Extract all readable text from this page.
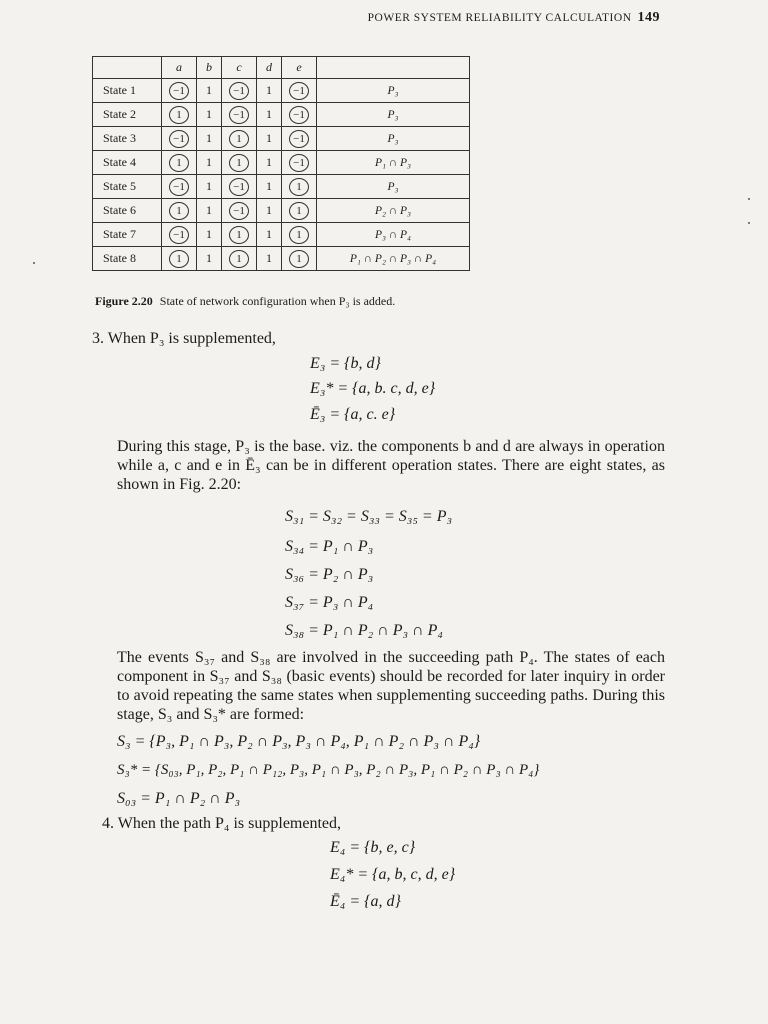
POWER SYSTEM RELIABILITY CALCULATION 149
	a	b	c	d	e	
State 1	−1	1	−1	1	−1	P₃
State 2	1	1	−1	1	−1	P₃
State 3	−1	1	1	1	−1	P₃
State 4	1	1	1	1	−1	P₁ ∩ P₃
State 5	−1	1	−1	1	1	P₃
State 6	1	1	−1	1	1	P₂ ∩ P₃
State 7	−1	1	1	1	1	P₃ ∩ P₄
State 8	1	1	1	1	1	P₁ ∩ P₂ ∩ P₃ ∩ P₄
Figure 2.20 State of network configuration when P₃ is added.
3. When P₃ is supplemented,
E₃ = {b, d}
E₃* = {a, b. c, d, e}
Ē₃ = {a, c. e}
During this stage, P₃ is the base. viz. the components b and d are always in operation while a, c and e in Ē₃ can be in different operation states. There are eight states, as shown in Fig. 2.20:
S₃₁ = S₃₂ = S₃₃ = S₃₅ = P₃
S₃₄ = P₁ ∩ P₃
S₃₆ = P₂ ∩ P₃
S₃₇ = P₃ ∩ P₄
S₃₈ = P₁ ∩ P₂ ∩ P₃ ∩ P₄
The events S₃₇ and S₃₈ are involved in the succeeding path P₄. The states of each component in S₃₇ and S₃₈ (basic events) should be recorded for later inquiry in order to avoid repeating the same states when supplementing succeeding paths. During this stage, S₃ and S₃* are formed:
S₃ = {P₃, P₁ ∩ P₃, P₂ ∩ P₃, P₃ ∩ P₄, P₁ ∩ P₂ ∩ P₃ ∩ P₄}
S₃* = {S₀₃, P₁, P₂, P₁ ∩ P₁₂, P₃, P₁ ∩ P₃, P₂ ∩ P₃, P₁ ∩ P₂ ∩ P₃ ∩ P₄}
S₀₃ = P₁ ∩ P₂ ∩ P₃
4. When the path P₄ is supplemented,
E₄ = {b, e, c}
E₄* = {a, b, c, d, e}
Ē₄ = {a, d}
